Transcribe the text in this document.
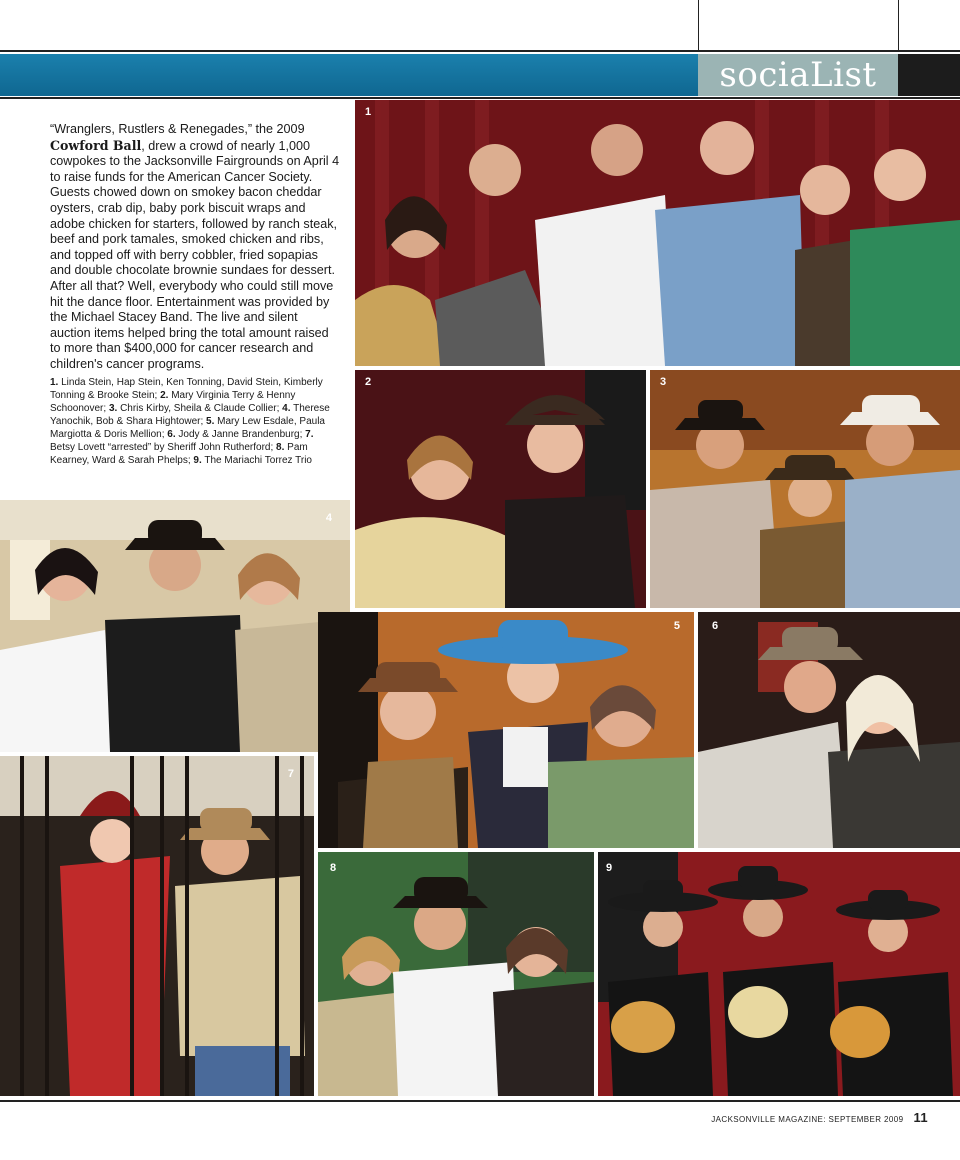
sociaList
“Wranglers, Rustlers & Renegades,” the 2009 Cowford Ball, drew a crowd of nearly 1,000 cowpokes to the Jacksonville Fairgrounds on April 4 to raise funds for the American Cancer Society. Guests chowed down on smokey bacon cheddar oysters, crab dip, baby pork biscuit wraps and adobe chicken for starters, followed by ranch steak, beef and pork tamales, smoked chicken and ribs, and topped off with berry cobbler, fried sopapias and double chocolate brownie sundaes for dessert. After all that? Well, everybody who could still move hit the dance floor. Entertainment was provided by the Michael Stacey Band. The live and silent auction items helped bring the total amount raised to more than $400,000 for cancer research and children's cancer programs.
1. Linda Stein, Hap Stein, Ken Tonning, David Stein, Kimberly Tonning & Brooke Stein; 2. Mary Virginia Terry & Henny Schoonover; 3. Chris Kirby, Sheila & Claude Collier; 4. Therese Yanochik, Bob & Shara Hightower; 5. Mary Lew Esdale, Paula Margiotta & Doris Mellion; 6. Jody & Janne Brandenburg; 7. Betsy Lovett “arrested” by Sheriff John Rutherford; 8. Pam Kearney, Ward & Sarah Phelps; 9. The Mariachi Torrez Trio
1
2	3
4
5	6
7
8	9
JACKSONVILLE MAGAZINE: SEPTEMBER 2009 11
